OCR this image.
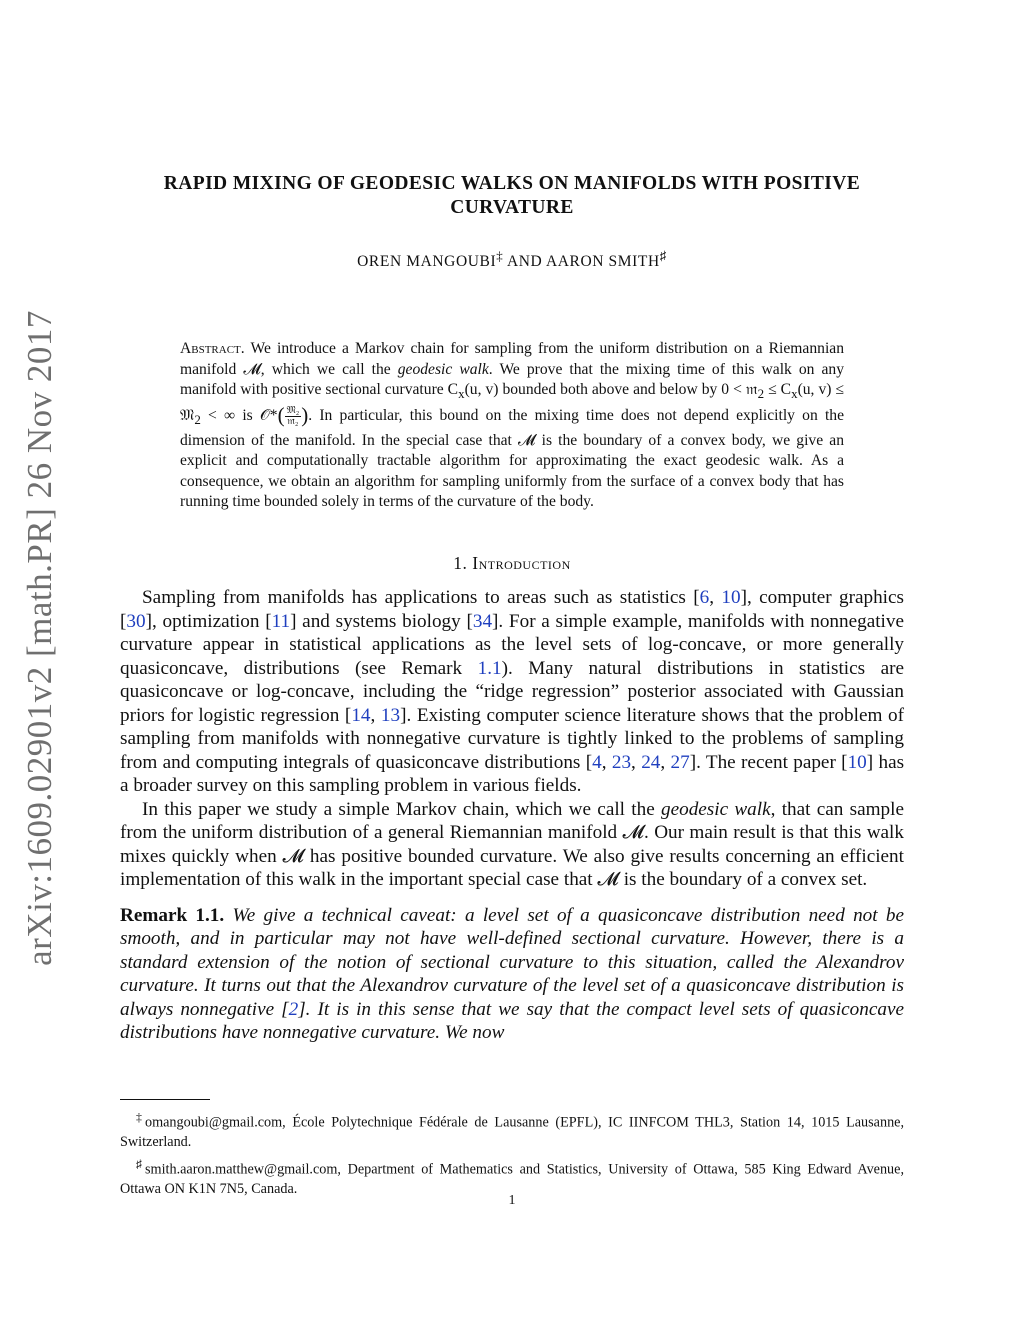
arXiv:1609.02901v2 [math.PR] 26 Nov 2017
RAPID MIXING OF GEODESIC WALKS ON MANIFOLDS WITH POSITIVE CURVATURE
OREN MANGOUBI‡ AND AARON SMITH♯
Abstract. We introduce a Markov chain for sampling from the uniform distribution on a Riemannian manifold 𝓜, which we call the geodesic walk. We prove that the mixing time of this walk on any manifold with positive sectional curvature $C_x(u$, v) bounded both above and below by 0 < 𝔪$_2$ ≤ $C_x(u$, v) ≤ 𝔐$_2$ < ∞ is 𝒪*( 𝔐₂
𝔪₂ ). In particular, this bound on the mixing time does not depend explicitly on the dimension of the manifold. In the special case that 𝓜 is the boundary of a convex body, we give an explicit and computationally tractable algorithm for approximating the exact geodesic walk. As a consequence, we obtain an algorithm for sampling uniformly from the surface of a convex body that has running time bounded solely in terms of the curvature of the body.
1. Introduction

Sampling from manifolds has applications to areas such as statistics [6, 10], computer graphics [30], optimization [11] and systems biology [34]. For a simple example, manifolds with nonnegative curvature appear in statistical applications as the level sets of log-concave, or more generally quasiconcave, distributions (see Remark 1.1). Many natural distributions in statistics are quasiconcave or log-concave, including the “ridge regression” posterior associated with Gaussian priors for logistic regression [14, 13]. Existing computer science literature shows that the problem of sampling from manifolds with nonnegative curvature is tightly linked to the problems of sampling from and computing integrals of quasiconcave distributions [4, 23, 24, 27]. The recent paper [10] has a broader survey on this sampling problem in various fields.

In this paper we study a simple Markov chain, which we call the geodesic walk, that can sample from the uniform distribution of a general Riemannian manifold 𝓜. Our main result is that this walk mixes quickly when 𝓜 has positive bounded curvature. We also give results concerning an efficient implementation of this walk in the important special case that 𝓜 is the boundary of a convex set.

Remark 1.1. We give a technical caveat: a level set of a quasiconcave distribution need not be smooth, and in particular may not have well-defined sectional curvature. However, there is a standard extension of the notion of sectional curvature to this situation, called the Alexandrov curvature. It turns out that the Alexandrov curvature of the level set of a quasiconcave distribution is always nonnegative [2]. It is in this sense that we say that the compact level sets of quasiconcave distributions have nonnegative curvature. We now

‡omangoubi@gmail.com, École Polytechnique Fédérale de Lausanne (EPFL), IC IINFCOM THL3, Station 14, 1015 Lausanne, Switzerland.

♯smith.aaron.matthew@gmail.com, Department of Mathematics and Statistics, University of Ottawa, 585 King Edward Avenue, Ottawa ON K1N 7N5, Canada.

1
